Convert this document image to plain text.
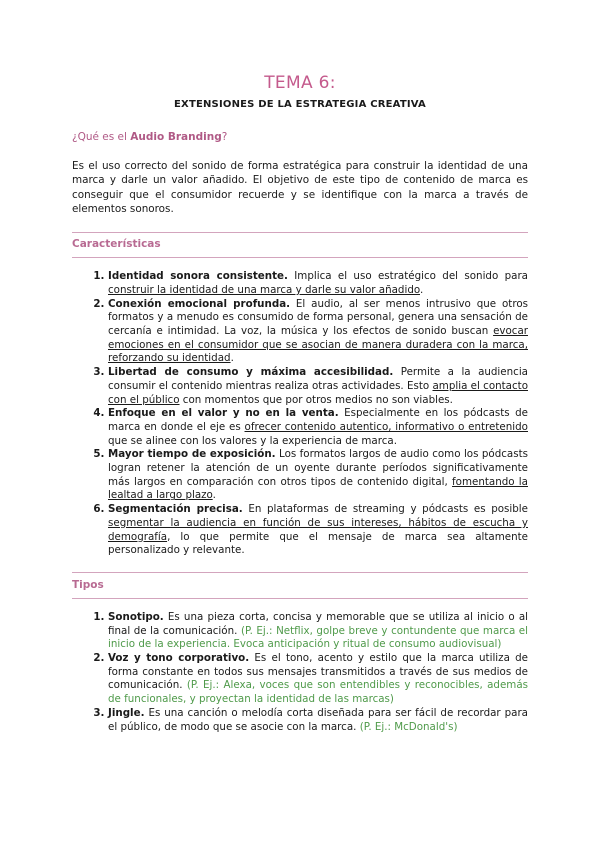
TEMA 6:
EXTENSIONES DE LA ESTRATEGIA CREATIVA

¿Qué es el Audio Branding?

Es el uso correcto del sonido de forma estratégica para construir la identidad de una marca y darle un valor añadido. El objetivo de este tipo de contenido de marca es conseguir que el consumidor recuerde y se identifique con la marca a través de elementos sonoros.

Características
1. Identidad sonora consistente. Implica el uso estratégico del sonido para construir la identidad de una marca y darle su valor añadido.
2. Conexión emocional profunda. El audio, al ser menos intrusivo que otros formatos y a menudo es consumido de forma personal, genera una sensación de cercanía e intimidad. La voz, la música y los efectos de sonido buscan evocar emociones en el consumidor que se asocian de manera duradera con la marca, reforzando su identidad.
3. Libertad de consumo y máxima accesibilidad. Permite a la audiencia consumir el contenido mientras realiza otras actividades. Esto amplia el contacto con el público con momentos que por otros medios no son viables.
4. Enfoque en el valor y no en la venta. Especialmente en los pódcasts de marca en donde el eje es ofrecer contenido autentico, informativo o entretenido que se alinee con los valores y la experiencia de marca.
5. Mayor tiempo de exposición. Los formatos largos de audio como los pódcasts logran retener la atención de un oyente durante períodos significativamente más largos en comparación con otros tipos de contenido digital, fomentando la lealtad a largo plazo.
6. Segmentación precisa. En plataformas de streaming y pódcasts es posible segmentar la audiencia en función de sus intereses, hábitos de escucha y demografía, lo que permite que el mensaje de marca sea altamente personalizado y relevante.
Tipos
1. Sonotipo. Es una pieza corta, concisa y memorable que se utiliza al inicio o al final de la comunicación. (P. Ej.: Netflix, golpe breve y contundente que marca el inicio de la experiencia. Evoca anticipación y ritual de consumo audiovisual)
2. Voz y tono corporativo. Es el tono, acento y estilo que la marca utiliza de forma constante en todos sus mensajes transmitidos a través de sus medios de comunicación. (P. Ej.: Alexa, voces que son entendibles y reconocibles, además de funcionales, y proyectan la identidad de las marcas)
3. Jingle. Es una canción o melodía corta diseñada para ser fácil de recordar para el público, de modo que se asocie con la marca. (P. Ej.: McDonald's)
